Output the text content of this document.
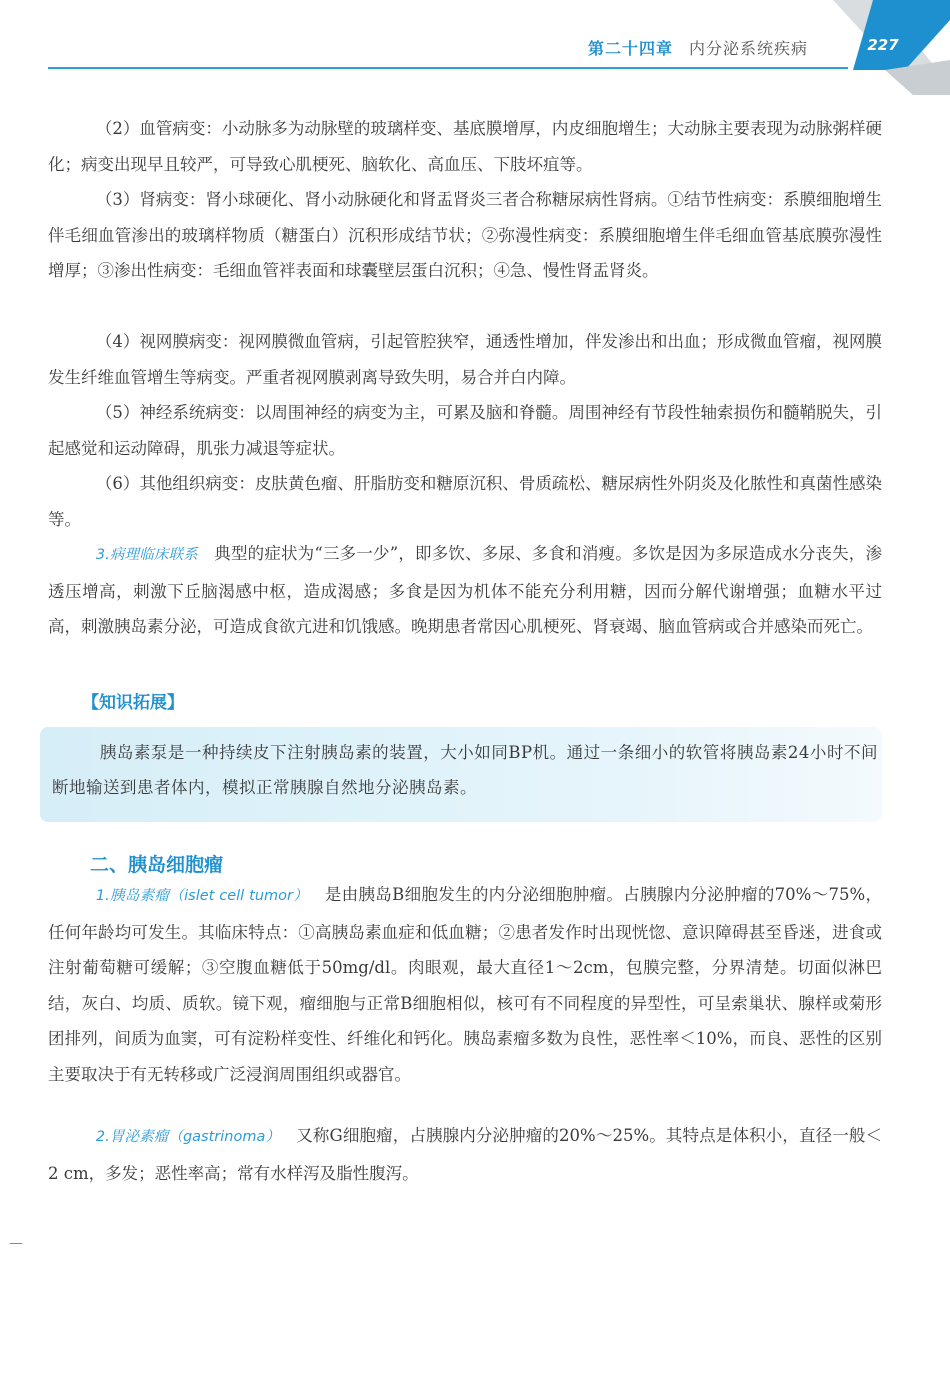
第二十四章 内分泌系统疾病	227

（2）血管病变：小动脉多为动脉壁的玻璃样变、基底膜增厚，内皮细胞增生；大动脉主要表现为动脉粥样硬化；病变出现早且较严，可导致心肌梗死、脑软化、高血压、下肢坏疽等。

（3）肾病变：肾小球硬化、肾小动脉硬化和肾盂肾炎三者合称糖尿病性肾病。①结节性病变：系膜细胞增生伴毛细血管渗出的玻璃样物质（糖蛋白）沉积形成结节状；②弥漫性病变：系膜细胞增生伴毛细血管基底膜弥漫性增厚；③渗出性病变：毛细血管袢表面和球囊壁层蛋白沉积；④急、慢性肾盂肾炎。

（4）视网膜病变：视网膜微血管病，引起管腔狭窄，通透性增加，伴发渗出和出血；形成微血管瘤，视网膜发生纤维血管增生等病变。严重者视网膜剥离导致失明，易合并白内障。

（5）神经系统病变：以周围神经的病变为主，可累及脑和脊髓。周围神经有节段性轴索损伤和髓鞘脱失，引起感觉和运动障碍，肌张力减退等症状。

（6）其他组织病变：皮肤黄色瘤、肝脂肪变和糖原沉积、骨质疏松、糖尿病性外阴炎及化脓性和真菌性感染等。

3.病理临床联系 典型的症状为“三多一少”，即多饮、多尿、多食和消瘦。多饮是因为多尿造成水分丧失，渗透压增高，刺激下丘脑渴感中枢，造成渴感；多食是因为机体不能充分利用糖，因而分解代谢增强；血糖水平过高，刺激胰岛素分泌，可造成食欲亢进和饥饿感。晚期患者常因心肌梗死、肾衰竭、脑血管病或合并感染而死亡。

【知识拓展】

胰岛素泵是一种持续皮下注射胰岛素的装置，大小如同BP机。通过一条细小的软管将胰岛素24小时不间断地输送到患者体内，模拟正常胰腺自然地分泌胰岛素。

二、胰岛细胞瘤

1.胰岛素瘤（islet cell tumor） 是由胰岛B细胞发生的内分泌细胞肿瘤。占胰腺内分泌肿瘤的70%～75%，任何年龄均可发生。其临床特点：①高胰岛素血症和低血糖；②患者发作时出现恍惚、意识障碍甚至昏迷，进食或注射葡萄糖可缓解；③空腹血糖低于50mg/dl。肉眼观，最大直径1～2cm，包膜完整，分界清楚。切面似淋巴结，灰白、均质、质软。镜下观，瘤细胞与正常B细胞相似，核可有不同程度的异型性，可呈索巢状、腺样或菊形团排列，间质为血窦，可有淀粉样变性、纤维化和钙化。胰岛素瘤多数为良性，恶性率＜10%，而良、恶性的区别主要取决于有无转移或广泛浸润周围组织或器官。

2.胃泌素瘤（gastrinoma） 又称G细胞瘤，占胰腺内分泌肿瘤的20%～25%。其特点是体积小，直径一般＜2 cm，多发；恶性率高；常有水样泻及脂性腹泻。
